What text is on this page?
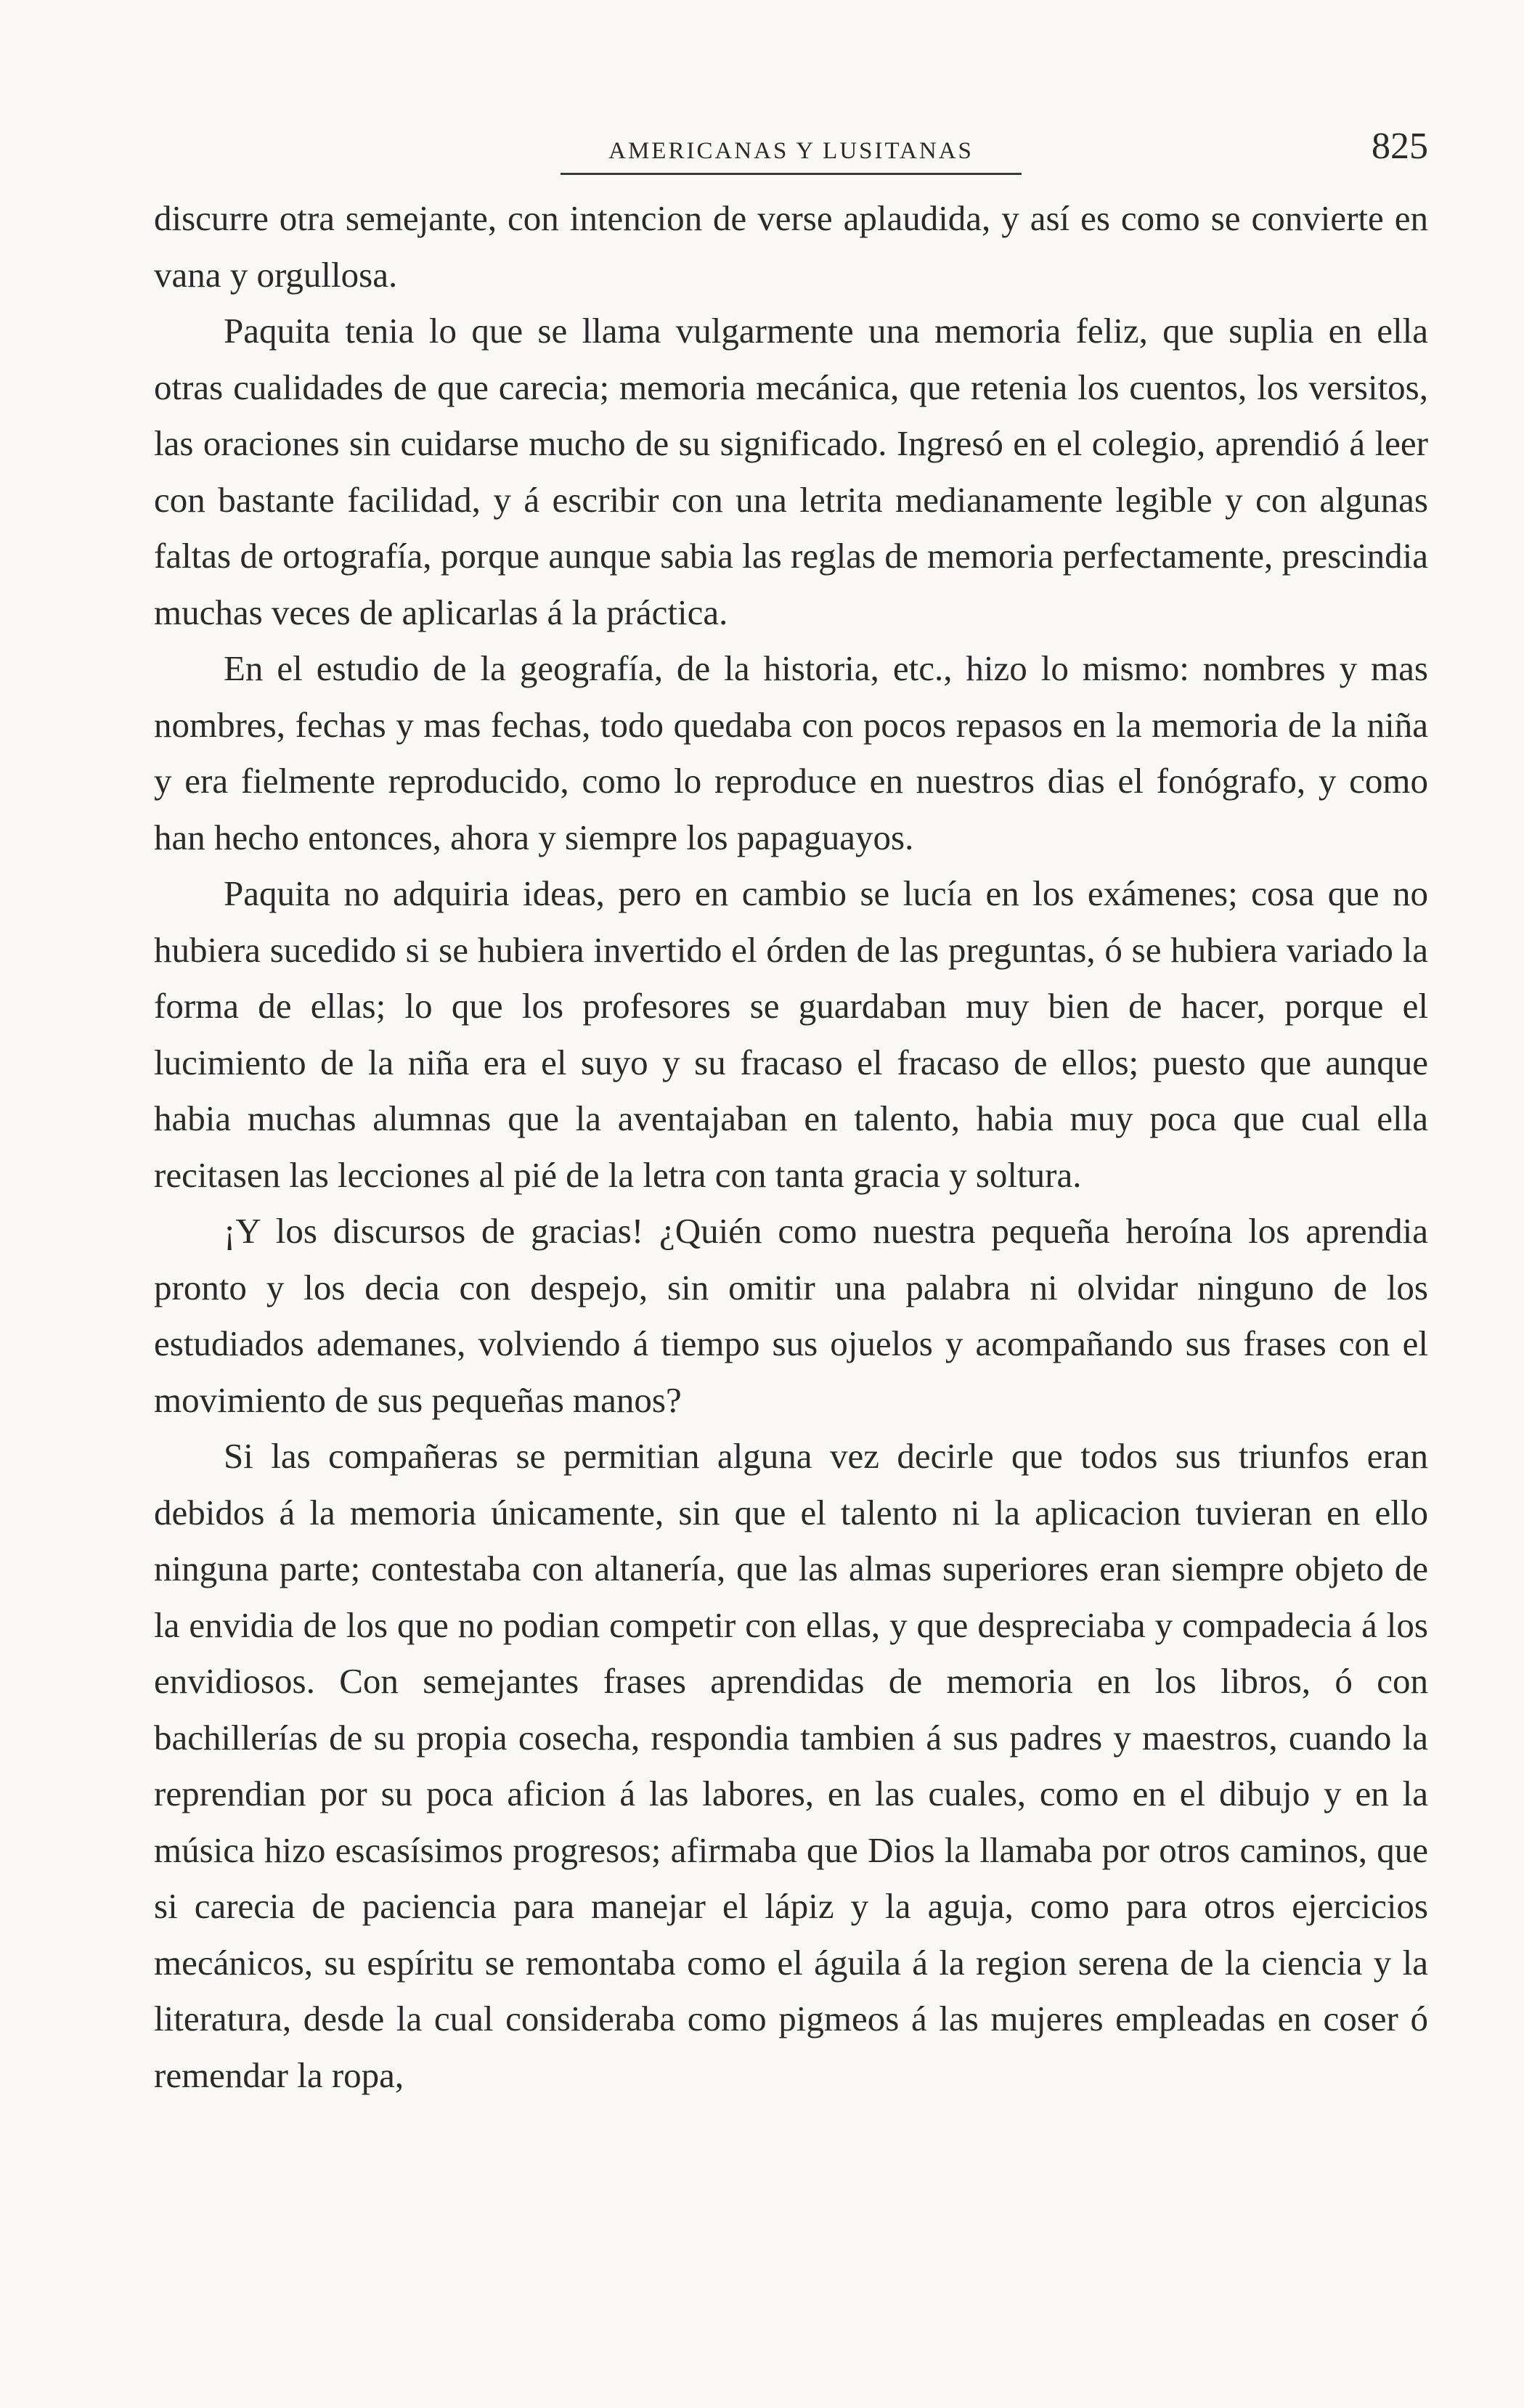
AMERICANAS Y LUSITANAS	825

discurre otra semejante, con intencion de verse aplaudida, y así es como se convierte en vana y orgullosa.

Paquita tenia lo que se llama vulgarmente una memoria feliz, que suplia en ella otras cualidades de que carecia; memoria mecánica, que retenia los cuentos, los versitos, las oraciones sin cuidarse mucho de su significado. Ingresó en el colegio, aprendió á leer con bastante facilidad, y á escribir con una letrita medianamente legible y con algunas faltas de ortografía, porque aunque sabia las reglas de memoria perfectamente, prescindia muchas veces de aplicarlas á la práctica.

En el estudio de la geografía, de la historia, etc., hizo lo mismo: nombres y mas nombres, fechas y mas fechas, todo quedaba con pocos repasos en la memoria de la niña y era fielmente reproducido, como lo reproduce en nuestros dias el fonógrafo, y como han hecho entonces, ahora y siempre los papaguayos.

Paquita no adquiria ideas, pero en cambio se lucía en los exámenes; cosa que no hubiera sucedido si se hubiera invertido el órden de las preguntas, ó se hubiera variado la forma de ellas; lo que los profesores se guardaban muy bien de hacer, porque el lucimiento de la niña era el suyo y su fracaso el fracaso de ellos; puesto que aunque habia muchas alumnas que la aventajaban en talento, habia muy poca que cual ella recitasen las lecciones al pié de la letra con tanta gracia y soltura.

¡Y los discursos de gracias! ¿Quién como nuestra pequeña heroína los aprendia pronto y los decia con despejo, sin omitir una palabra ni olvidar ninguno de los estudiados ademanes, volviendo á tiempo sus ojuelos y acompañando sus frases con el movimiento de sus pequeñas manos?

Si las compañeras se permitian alguna vez decirle que todos sus triunfos eran debidos á la memoria únicamente, sin que el talento ni la aplicacion tuvieran en ello ninguna parte; contestaba con altanería, que las almas superiores eran siempre objeto de la envidia de los que no podian competir con ellas, y que despreciaba y compadecia á los envidiosos. Con semejantes frases aprendidas de memoria en los libros, ó con bachillerías de su propia cosecha, respondia tambien á sus padres y maestros, cuando la reprendian por su poca aficion á las labores, en las cuales, como en el dibujo y en la música hizo escasísimos progresos; afirmaba que Dios la llamaba por otros caminos, que si carecia de paciencia para manejar el lápiz y la aguja, como para otros ejercicios mecánicos, su espíritu se remontaba como el águila á la region serena de la ciencia y la literatura, desde la cual consideraba como pigmeos á las mujeres empleadas en coser ó remendar la ropa,
